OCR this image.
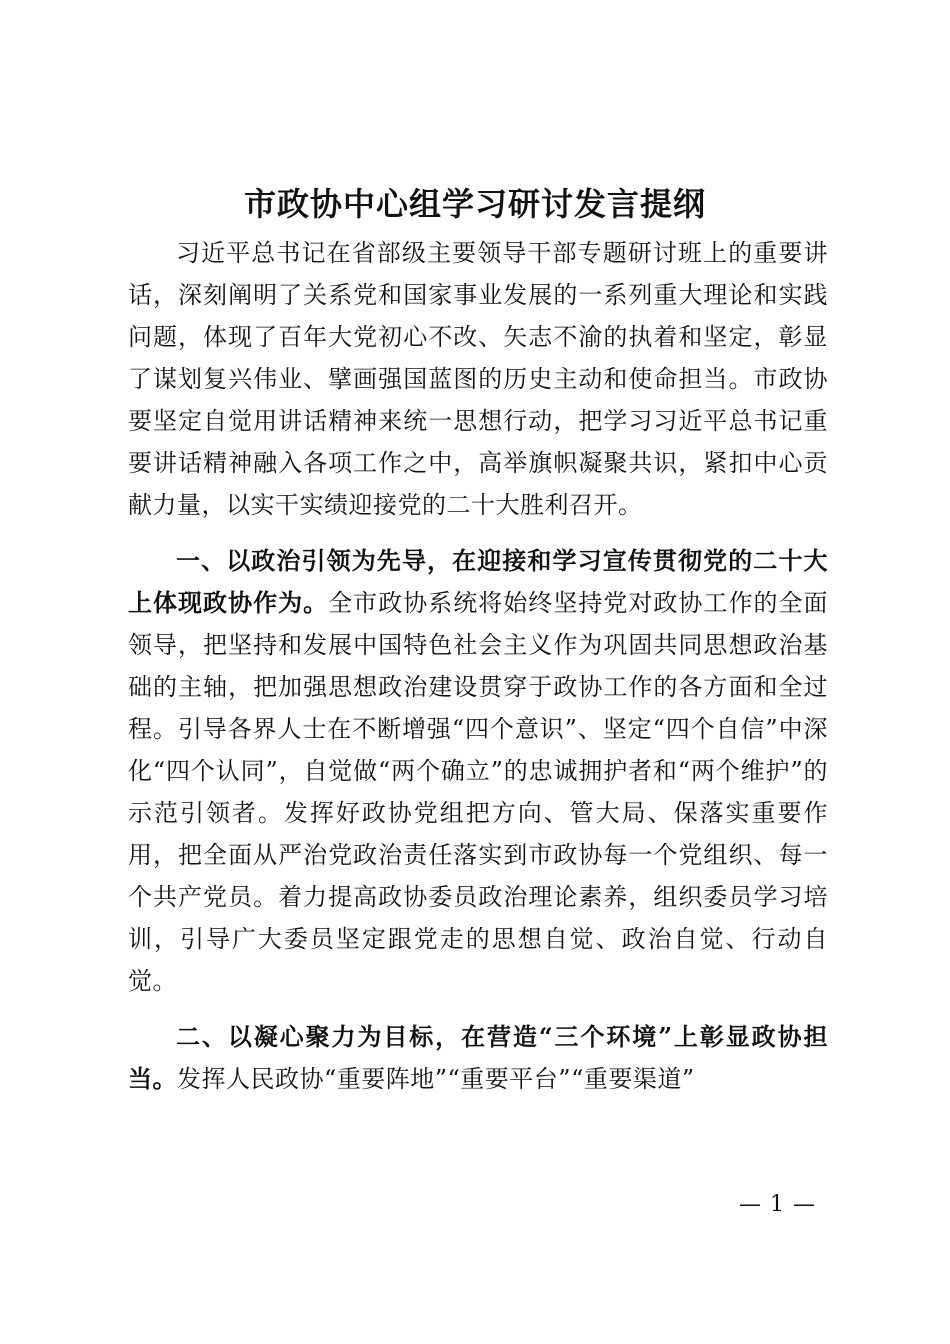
市政协中心组学习研讨发言提纲

习近平总书记在省部级主要领导干部专题研讨班上的重要讲话，深刻阐明了关系党和国家事业发展的一系列重大理论和实践问题，体现了百年大党初心不改、矢志不渝的执着和坚定，彰显了谋划复兴伟业、擘画强国蓝图的历史主动和使命担当。市政协要坚定自觉用讲话精神来统一思想行动，把学习习近平总书记重要讲话精神融入各项工作之中，高举旗帜凝聚共识，紧扣中心贡献力量，以实干实绩迎接党的二十大胜利召开。

一、以政治引领为先导，在迎接和学习宣传贯彻党的二十大上体现政协作为。全市政协系统将始终坚持党对政协工作的全面领导，把坚持和发展中国特色社会主义作为巩固共同思想政治基础的主轴，把加强思想政治建设贯穿于政协工作的各方面和全过程。引导各界人士在不断增强“四个意识”、坚定“四个自信”中深化“四个认同”，自觉做“两个确立”的忠诚拥护者和“两个维护”的示范引领者。发挥好政协党组把方向、管大局、保落实重要作用，把全面从严治党政治责任落实到市政协每一个党组织、每一个共产党员。着力提高政协委员政治理论素养，组织委员学习培训，引导广大委员坚定跟党走的思想自觉、政治自觉、行动自觉。

二、以凝心聚力为目标，在营造“三个环境”上彰显政协担当。发挥人民政协“重要阵地”“重要平台”“重要渠道”

— 1 —
